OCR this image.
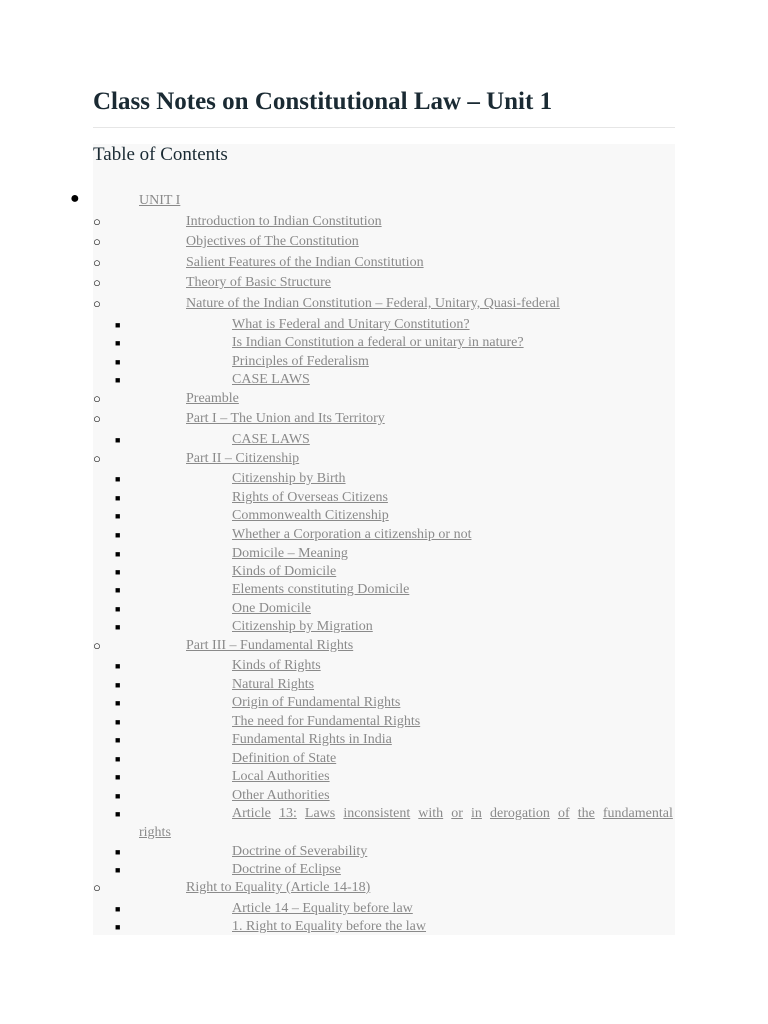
Class Notes on Constitutional Law – Unit 1
Table of Contents
●	UNIT I
○	Introduction to Indian Constitution
○	Objectives of The Constitution
○	Salient Features of the Indian Constitution
○	Theory of Basic Structure
○	Nature of the Indian Constitution – Federal, Unitary, Quasi-federal
■	What is Federal and Unitary Constitution?
■	Is Indian Constitution a federal or unitary in nature?
■	Principles of Federalism
■	CASE LAWS
○	Preamble
○	Part I – The Union and Its Territory
■	CASE LAWS
○	Part II – Citizenship
■	Citizenship by Birth
■	Rights of Overseas Citizens
■	Commonwealth Citizenship
■	Whether a Corporation a citizenship or not
■	Domicile – Meaning
■	Kinds of Domicile
■	Elements constituting Domicile
■	One Domicile
■	Citizenship by Migration
○	Part III – Fundamental Rights
■	Kinds of Rights
■	Natural Rights
■	Origin of Fundamental Rights
■	The need for Fundamental Rights
■	Fundamental Rights in India
■	Definition of State
■	Local Authorities
■	Other Authorities
■	Article 13: Laws inconsistent with or in derogation of the fundamental
rights
■	Doctrine of Severability
■	Doctrine of Eclipse
○	Right to Equality (Article 14-18)
■	Article 14 – Equality before law
■	1. Right to Equality before the law
